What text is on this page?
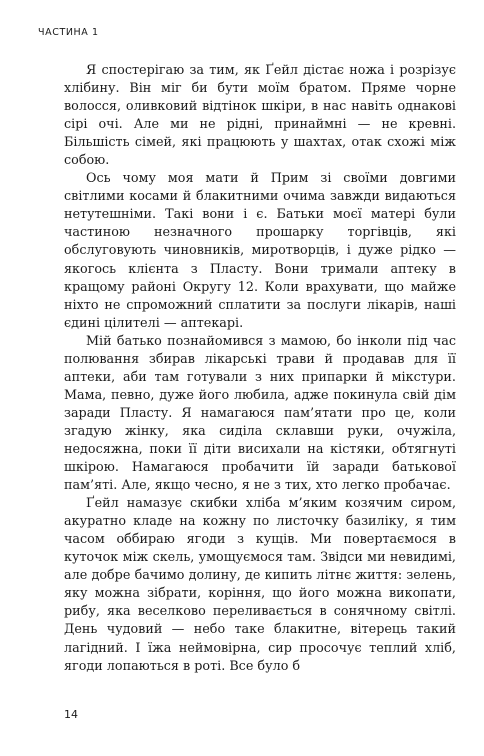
ЧАСТИНА 1

Я спостерігаю за тим, як Ґейл дістає ножа і розрізує хлібину. Він міг би бути моїм братом. Пряме чорне волосся, оливковий відтінок шкіри, в нас навіть однакові сірі очі. Але ми не рідні, принаймні — не кревні. Більшість сімей, які працюють у шахтах, отак схожі між собою.

Ось чому моя мати й Прим зі своїми довгими світлими косами й блакитними очима завжди видаються нетутешніми. Такі вони і є. Батьки моєї матері були частиною незначного прошарку торгівців, які обслуговують чиновників, миротворців, і дуже рідко — якогось клієнта з Пласту. Вони тримали аптеку в кращому районі Округу 12. Коли врахувати, що майже ніхто не спроможний сплатити за послуги лікарів, наші єдині цілителі — аптекарі.

Мій батько познайомився з мамою, бо інколи під час полювання збирав лікарські трави й продавав для її аптеки, аби там готували з них припарки й мікстури. Мама, певно, дуже його любила, адже покинула свій дім заради Пласту. Я намагаюся пам’ятати про це, коли згадую жінку, яка сиділа склавши руки, очужіла, недосяжна, поки її діти висихали на кістяки, обтягнуті шкірою. Намагаюся пробачити їй заради батькової пам’яті. Але, якщо чесно, я не з тих, хто легко пробачає.

Ґейл намазує скибки хліба м’яким козячим сиром, акуратно кладе на кожну по листочку базиліку, я тим часом оббираю ягоди з кущів. Ми повертаємося в куточок між скель, умощуємося там. Звідси ми невидимі, але добре бачимо долину, де кипить літнє життя: зелень, яку можна зібрати, коріння, що його можна викопати, рибу, яка веселково переливається в сонячному світлі. День чудовий — небо таке блакитне, вітерець такий лагідний. І їжа неймовірна, сир просочує теплий хліб, ягоди лопаються в роті. Все було б

14
